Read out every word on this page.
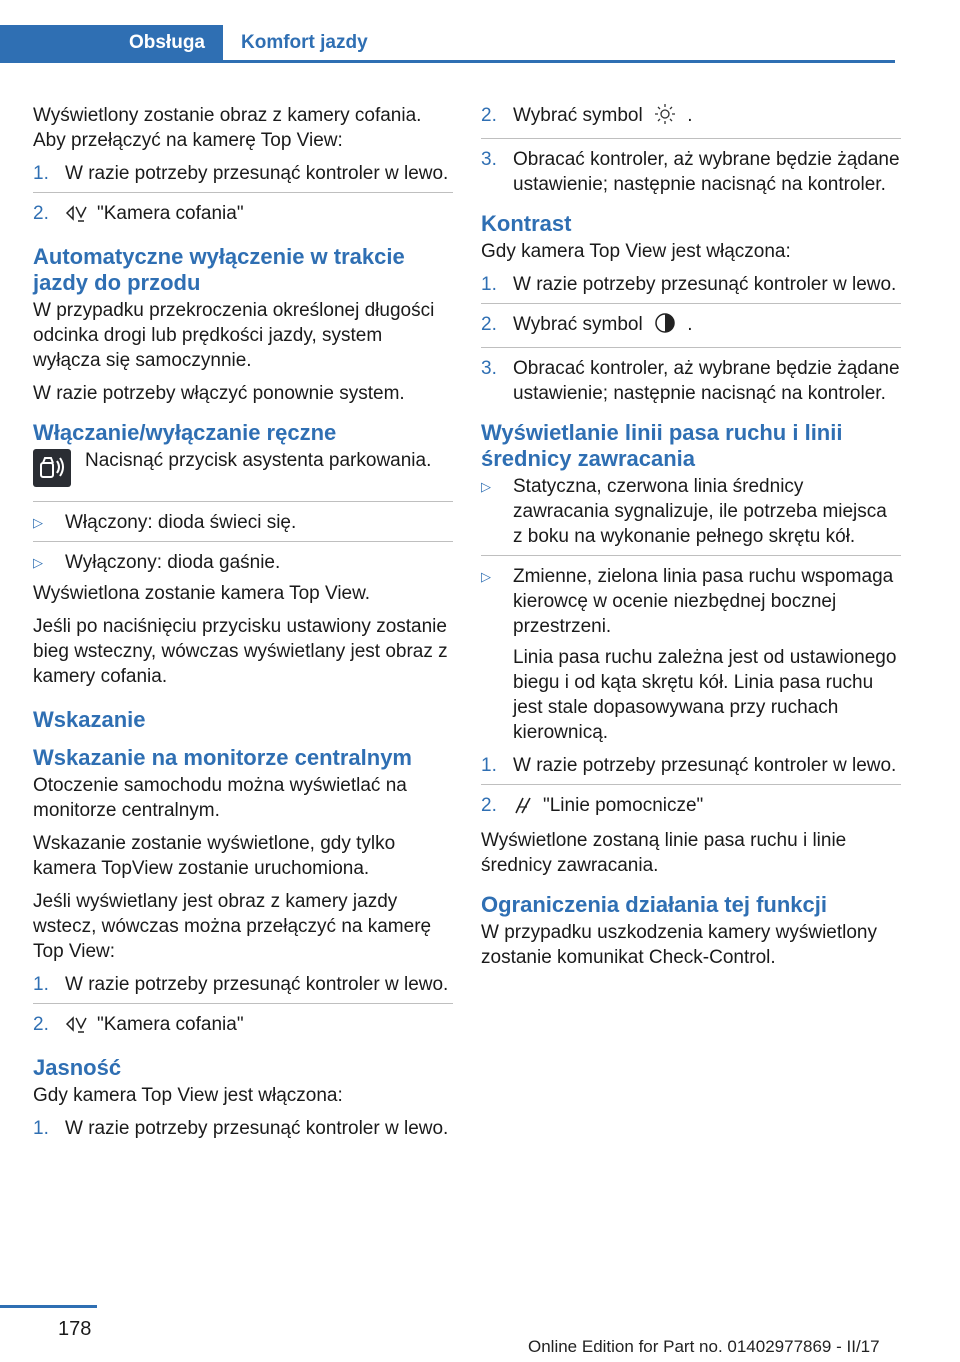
Obsługa	Komfort jazdy

Wyświetlony zostanie obraz z kamery cofania. Aby przełączyć na kamerę Top View:

1. W razie potrzeby przesunąć kontroler w lewo.
2.	"Kamera cofania"
Automatyczne wyłączenie w trakcie jazdy do przodu

W przypadku przekroczenia określonej długości odcinka drogi lub prędkości jazdy, system wyłącza się samoczynnie.

W razie potrzeby włączyć ponownie system.

Włączanie/wyłączanie ręczne
Nacisnąć przycisk asystenta parkowania.
▷	Włączony: dioda świeci się.
▷	Wyłączony: dioda gaśnie.

Wyświetlona zostanie kamera Top View.

Jeśli po naciśnięciu przycisku ustawiony zostanie bieg wsteczny, wówczas wyświetlany jest obraz z kamery cofania.

Wskazanie
Wskazanie na monitorze centralnym

Otoczenie samochodu można wyświetlać na monitorze centralnym.

Wskazanie zostanie wyświetlone, gdy tylko kamera TopView zostanie uruchomiona.

Jeśli wyświetlany jest obraz z kamery jazdy wstecz, wówczas można przełączyć na kamerę Top View:

1. W razie potrzeby przesunąć kontroler w lewo.
2.	"Kamera cofania"
Jasność

Gdy kamera Top View jest włączona:

1. W razie potrzeby przesunąć kontroler w lewo.
2. Wybrać symbol .
3. Obracać kontroler, aż wybrane będzie żądane ustawienie; następnie nacisnąć na kontroler.
Kontrast

Gdy kamera Top View jest włączona:

1. W razie potrzeby przesunąć kontroler w lewo.
2. Wybrać symbol .
3. Obracać kontroler, aż wybrane będzie żądane ustawienie; następnie nacisnąć na kontroler.
Wyświetlanie linii pasa ruchu i linii średnicy zawracania
▷	Statyczna, czerwona linia średnicy zawracania sygnalizuje, ile potrzeba miejsca z boku na wykonanie pełnego skrętu kół.
▷	Zmienne, zielona linia pasa ruchu wspomaga kierowcę w ocenie niezbędnej bocznej przestrzeni.

Linia pasa ruchu zależna jest od ustawionego biegu i od kąta skrętu kół. Linia pasa ruchu jest stale dopasowywana przy ruchach kierownicą.

1. W razie potrzeby przesunąć kontroler w lewo.
2.	"Linie pomocnicze"

Wyświetlone zostaną linie pasa ruchu i linie średnicy zawracania.

Ograniczenia działania tej funkcji

W przypadku uszkodzenia kamery wyświetlony zostanie komunikat Check-Control.

178
Online Edition for Part no. 01402977869 - II/17
